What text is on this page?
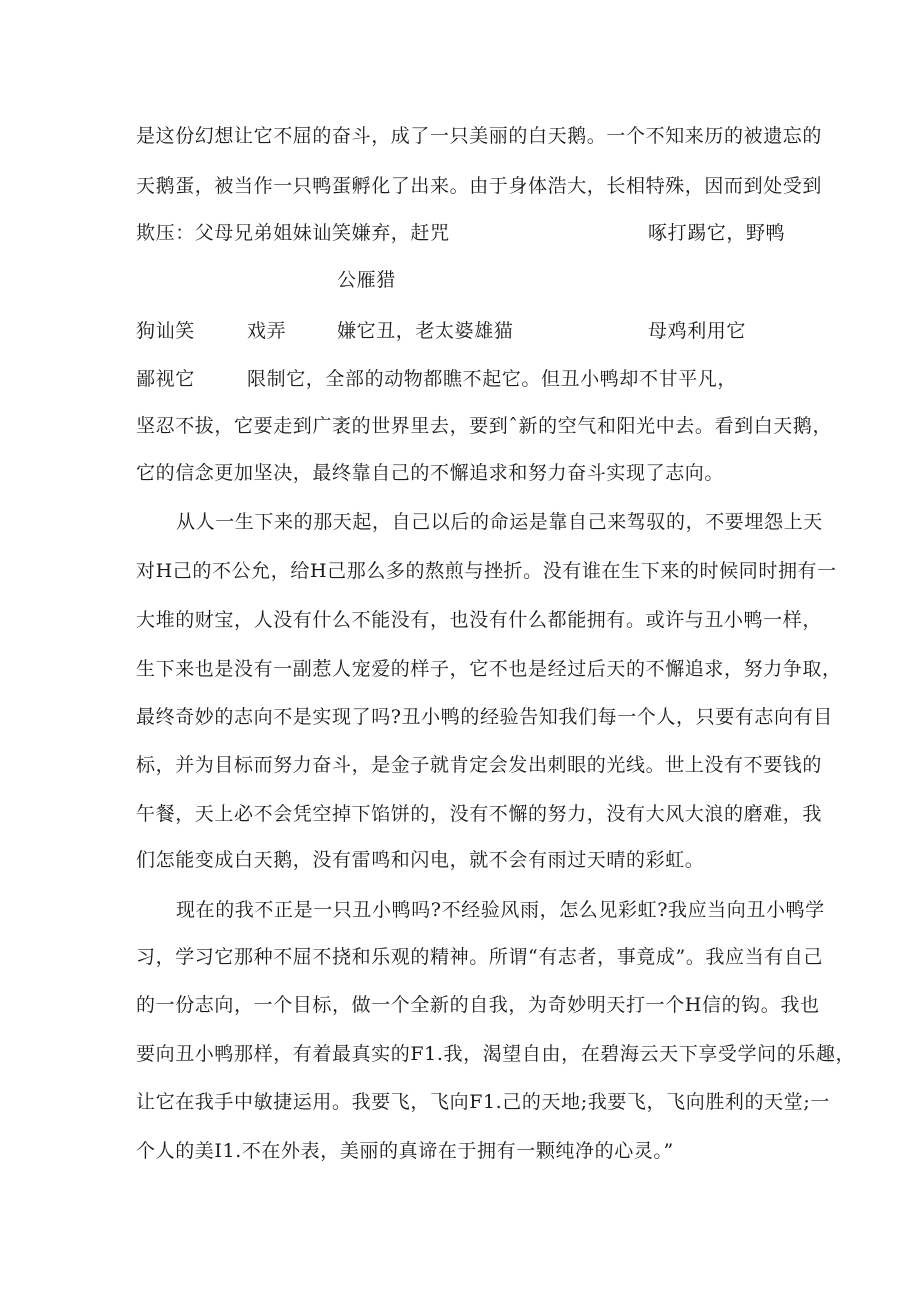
是这份幻想让它不屈的奋斗，成了一只美丽的白天鹅。一个不知来历的被遗忘的
天鹅蛋，被当作一只鸭蛋孵化了出来。由于身体浩大，长相特殊，因而到处受到
欺压：父母兄弟姐妹讪笑嫌弃，赶咒	啄打踢它，野鸭
公雁猎
狗讪笑	戏弄	嫌它丑，老太婆雄猫	母鸡利用它
鄙视它	限制它，全部的动物都瞧不起它。但丑小鸭却不甘平凡，
坚忍不拔，它要走到广袤的世界里去，要到ˆ新的空气和阳光中去。看到白天鹅，
它的信念更加坚决，最终靠自己的不懈追求和努力奋斗实现了志向。
从人一生下来的那天起，自己以后的命运是靠自己来驾驭的，不要埋怨上天
对H己的不公允，给H己那么多的熬煎与挫折。没有谁在生下来的时候同时拥有一
大堆的财宝，人没有什么不能没有，也没有什么都能拥有。或许与丑小鸭一样，
生下来也是没有一副惹人宠爱的样子，它不也是经过后天的不懈追求，努力争取，
最终奇妙的志向不是实现了吗?丑小鸭的经验告知我们每一个人，只要有志向有目
标，并为目标而努力奋斗，是金子就肯定会发出刺眼的光线。世上没有不要钱的
午餐，天上必不会凭空掉下馅饼的，没有不懈的努力，没有大风大浪的磨难，我
们怎能变成白天鹅，没有雷鸣和闪电，就不会有雨过天晴的彩虹。
现在的我不正是一只丑小鸭吗?不经验风雨，怎么见彩虹?我应当向丑小鸭学
习，学习它那种不屈不挠和乐观的精神。所谓“有志者，事竟成”。我应当有自己
的一份志向，一个目标，做一个全新的自我，为奇妙明天打一个H信的钩。我也
要向丑小鸭那样，有着最真实的F1.我，渴望自由，在碧海云天下享受学问的乐趣，
让它在我手中敏捷运用。我要飞，飞向F1.己的天地;我要飞，飞向胜利的天堂;一
个人的美I1.不在外表，美丽的真谛在于拥有一颗纯净的心灵。”
